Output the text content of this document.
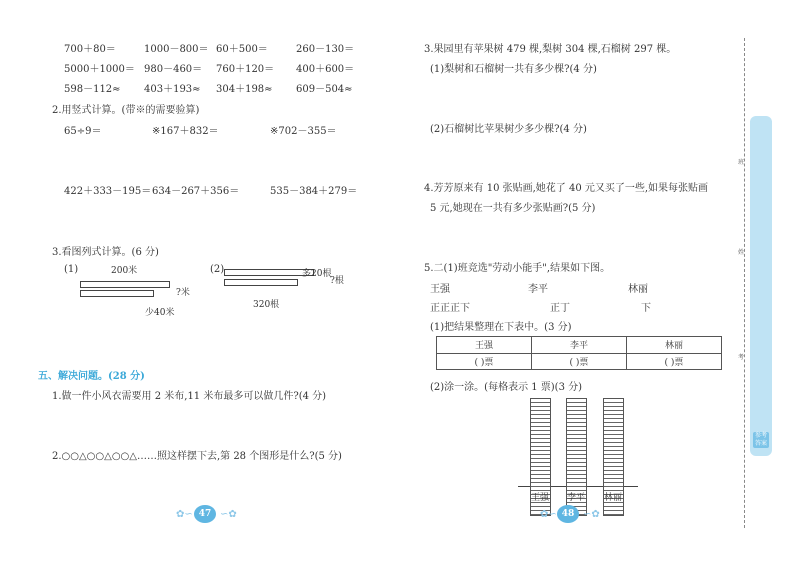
700＋80＝	1000－800＝ 60＋500＝	260－130＝
5000＋1000＝ 980－460＝ 760＋120＝ 400＋600＝
598－112≈ 403＋193≈ 304＋198≈ 609－504≈
2.用竖式计算。(带※的需要验算)
65÷9＝	※167＋832＝	※702－355＝
422＋333－195＝ 634－267＋356＝	535－384＋279＝
3.看图列式计算。(6 分)
(1)	200米
?米
少40米
(2)	多20根
?根
320根
五、解决问题。(28 分)
1.做一件小风衣需要用 2 米布,11 米布最多可以做几件?(4 分)
2.○○△○○△○○△……照这样摆下去,第 28 个图形是什么?(5 分)
✿∽ 47 ∽✿
3.果园里有苹果树 479 棵,梨树 304 棵,石榴树 297 棵。
(1)梨树和石榴树一共有多少棵?(4 分)
(2)石榴树比苹果树少多少棵?(4 分)
4.芳芳原来有 10 张贴画,她花了 40 元又买了一些,如果每张贴画
5 元,她现在一共有多少张贴画?(5 分)
5.二(1)班竞选"劳动小能手",结果如下图。
王强	李平	林丽
正正正下	正丁	下
(1)把结果整理在下表中。(3 分)
王强	李平	林丽
( )票	( )票	( )票
(2)涂一涂。(每格表示 1 票)(3 分)
王强 李平 林丽
✿∽ 48 ∽✿
班
姓
考
参考答案
